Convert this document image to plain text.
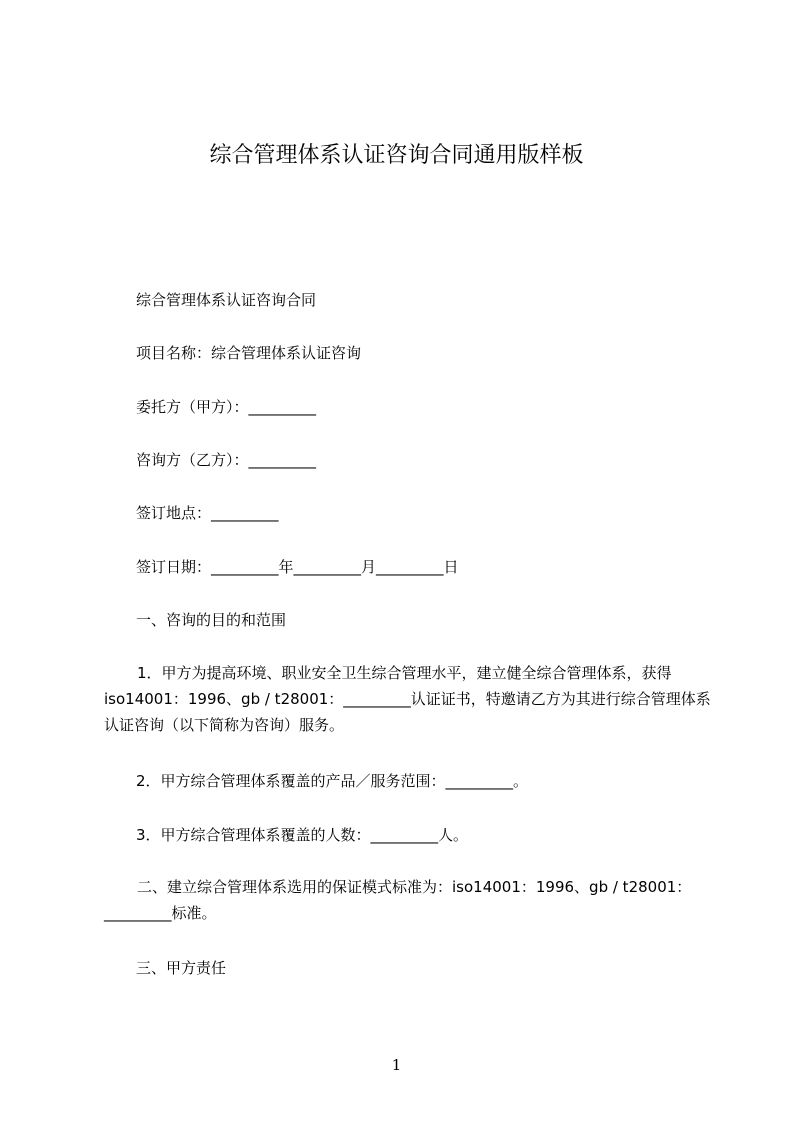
综合管理体系认证咨询合同通用版样板
综合管理体系认证咨询合同
项目名称：综合管理体系认证咨询
委托方（甲方）：_________
咨询方（乙方）：_________
签订地点：_________
签订日期：_________年_________月_________日
一、咨询的目的和范围
1．甲方为提高环境、职业安全卫生综合管理水平，建立健全综合管理体系，获得iso14001：1996、gb / t28001：_________认证证书，特邀请乙方为其进行综合管理体系认证咨询（以下简称为咨询）服务。
2．甲方综合管理体系覆盖的产品／服务范围：_________。
3．甲方综合管理体系覆盖的人数：_________人。
二、建立综合管理体系选用的保证模式标准为：iso14001：1996、gb / t28001：_________标准。
三、甲方责任
1
